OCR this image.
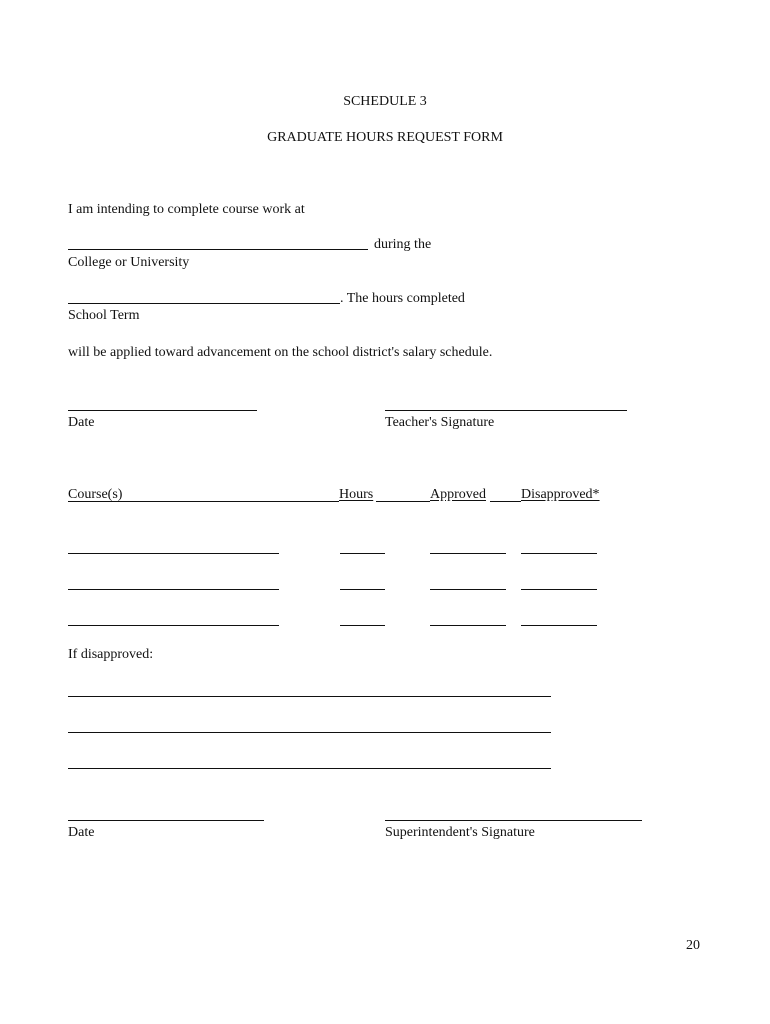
SCHEDULE 3
GRADUATE HOURS REQUEST FORM
I am intending to complete course work at
during the
College or University
. The hours completed
School Term
will be applied toward advancement on the school district's salary schedule.
Date	Teacher's Signature
Course(s)	Hours	Approved	Disapproved*
If disapproved:
Date	Superintendent's Signature
20
